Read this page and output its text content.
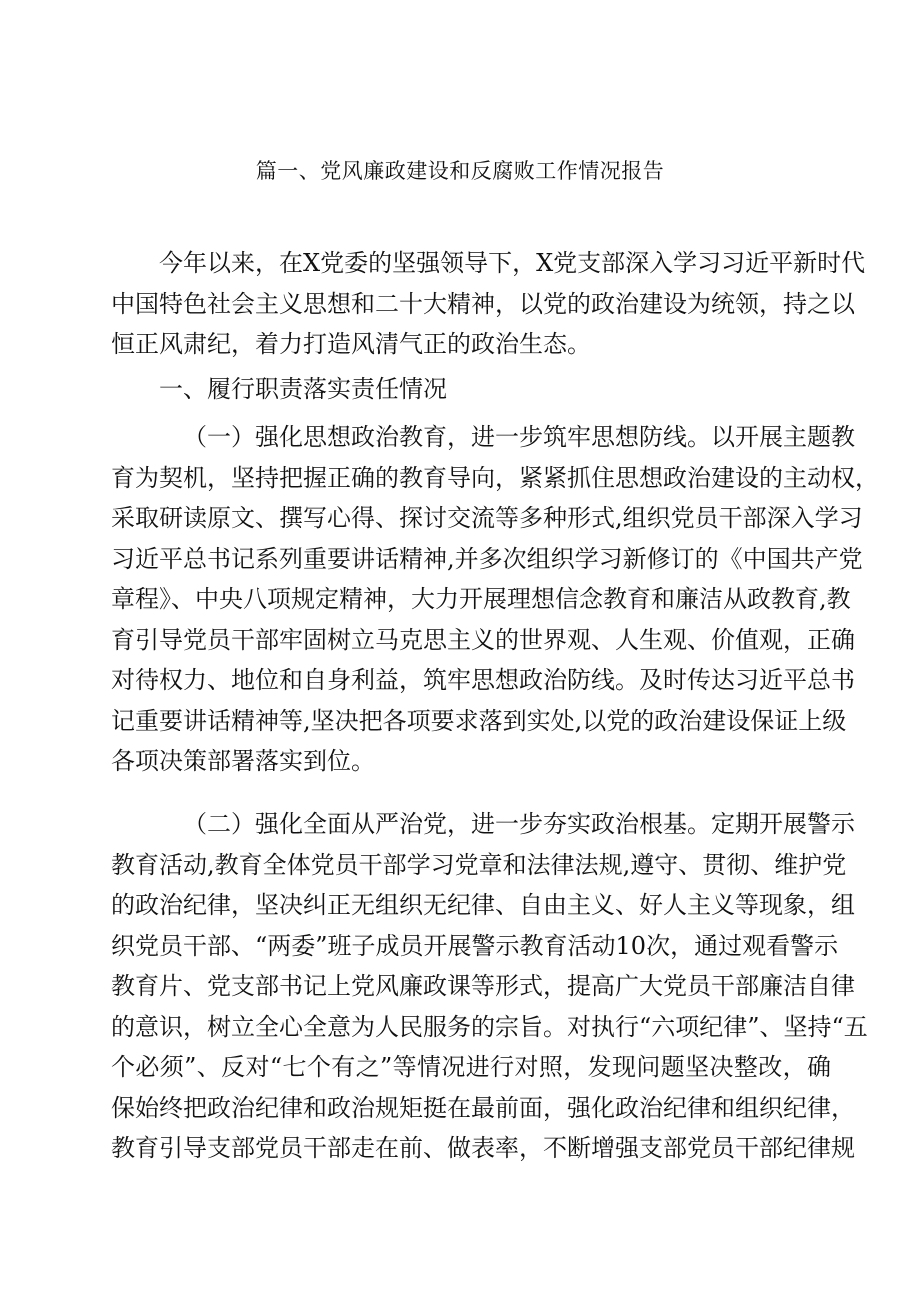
篇一、党风廉政建设和反腐败工作情况报告
今年以来，在X党委的坚强领导下，X党支部深入学习习近平新时代
中国特色社会主义思想和二十大精神，以党的政治建设为统领，持之以
恒正风肃纪，着力打造风清气正的政治生态。
一、履行职责落实责任情况
（一）强化思想政治教育，进一步筑牢思想防线。以开展主题教
育为契机，坚持把握正确的教育导向，紧紧抓住思想政治建设的主动权，
采取研读原文、撰写心得、探讨交流等多种形式,组织党员干部深入学习
习近平总书记系列重要讲话精神,并多次组织学习新修订的《中国共产党
章程》、中央八项规定精神，大力开展理想信念教育和廉洁从政教育,教
育引导党员干部牢固树立马克思主义的世界观、人生观、价值观，正确
对待权力、地位和自身利益，筑牢思想政治防线。及时传达习近平总书
记重要讲话精神等,坚决把各项要求落到实处,以党的政治建设保证上级
各项决策部署落实到位。
（二）强化全面从严治党，进一步夯实政治根基。定期开展警示
教育活动,教育全体党员干部学习党章和法律法规,遵守、贯彻、维护党
的政治纪律，坚决纠正无组织无纪律、自由主义、好人主义等现象，组
织党员干部、“两委”班子成员开展警示教育活动10次，通过观看警示
教育片、党支部书记上党风廉政课等形式，提高广大党员干部廉洁自律
的意识，树立全心全意为人民服务的宗旨。对执行“六项纪律”、坚持“五
个必须”、反对“七个有之”等情况进行对照，发现问题坚决整改，确
保始终把政治纪律和政治规矩挺在最前面，强化政治纪律和组织纪律，
教育引导支部党员干部走在前、做表率，不断增强支部党员干部纪律规
